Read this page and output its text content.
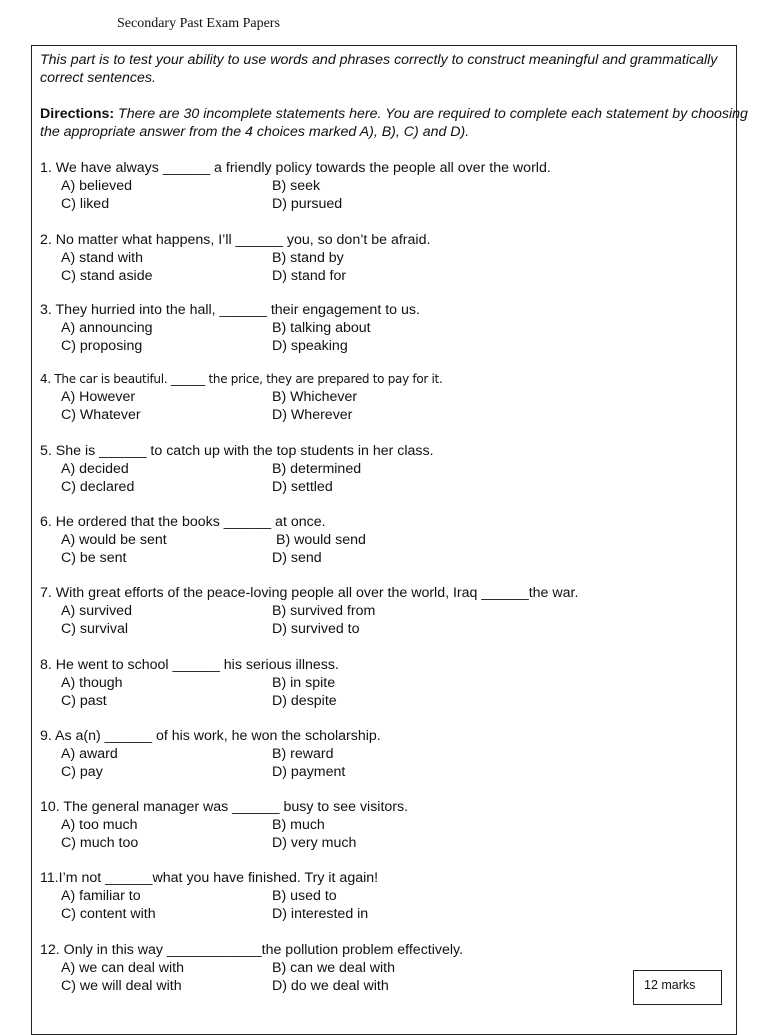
Secondary Past Exam Papers

This part is to test your ability to use words and phrases correctly to construct meaningful and grammatically correct sentences.

Directions: There are 30 incomplete statements here. You are required to complete each statement by choosing the appropriate answer from the 4 choices marked A), B), C) and D).

1. We have always ______ a friendly policy towards the people all over the world.
A) believed	B) seek
C) liked	D) pursued
2. No matter what happens, I’ll ______ you, so don’t be afraid.
A) stand with	B) stand by
C) stand aside	D) stand for
3. They hurried into the hall, ______ their engagement to us.
A) announcing	B) talking about
C) proposing	D) speaking
4. The car is beautiful. ______ the price, they are prepared to pay for it.
A) However	B) Whichever
C) Whatever	D) Wherever
5. She is ______ to catch up with the top students in her class.
A) decided	B) determined
C) declared	D) settled
6. He ordered that the books ______ at once.
A) would be sent	B) would send
C) be sent	D) send
7. With great efforts of the peace-loving people all over the world, Iraq ______the war.
A) survived	B) survived from
C) survival	D) survived to
8. He went to school ______ his serious illness.
A) though	B) in spite
C) past	D) despite
9. As a(n) ______ of his work, he won the scholarship.
A) award	B) reward
C) pay	D) payment
10. The general manager was ______ busy to see visitors.
A) too much	B) much
C) much too	D) very much
11.I’m not ______what you have finished. Try it again!
A) familiar to	B) used to
C) content with	D) interested in
12. Only in this way ____________the pollution problem effectively.
A) we can deal with	B) can we deal with
C) we will deal with	D) do we deal with	12 marks
